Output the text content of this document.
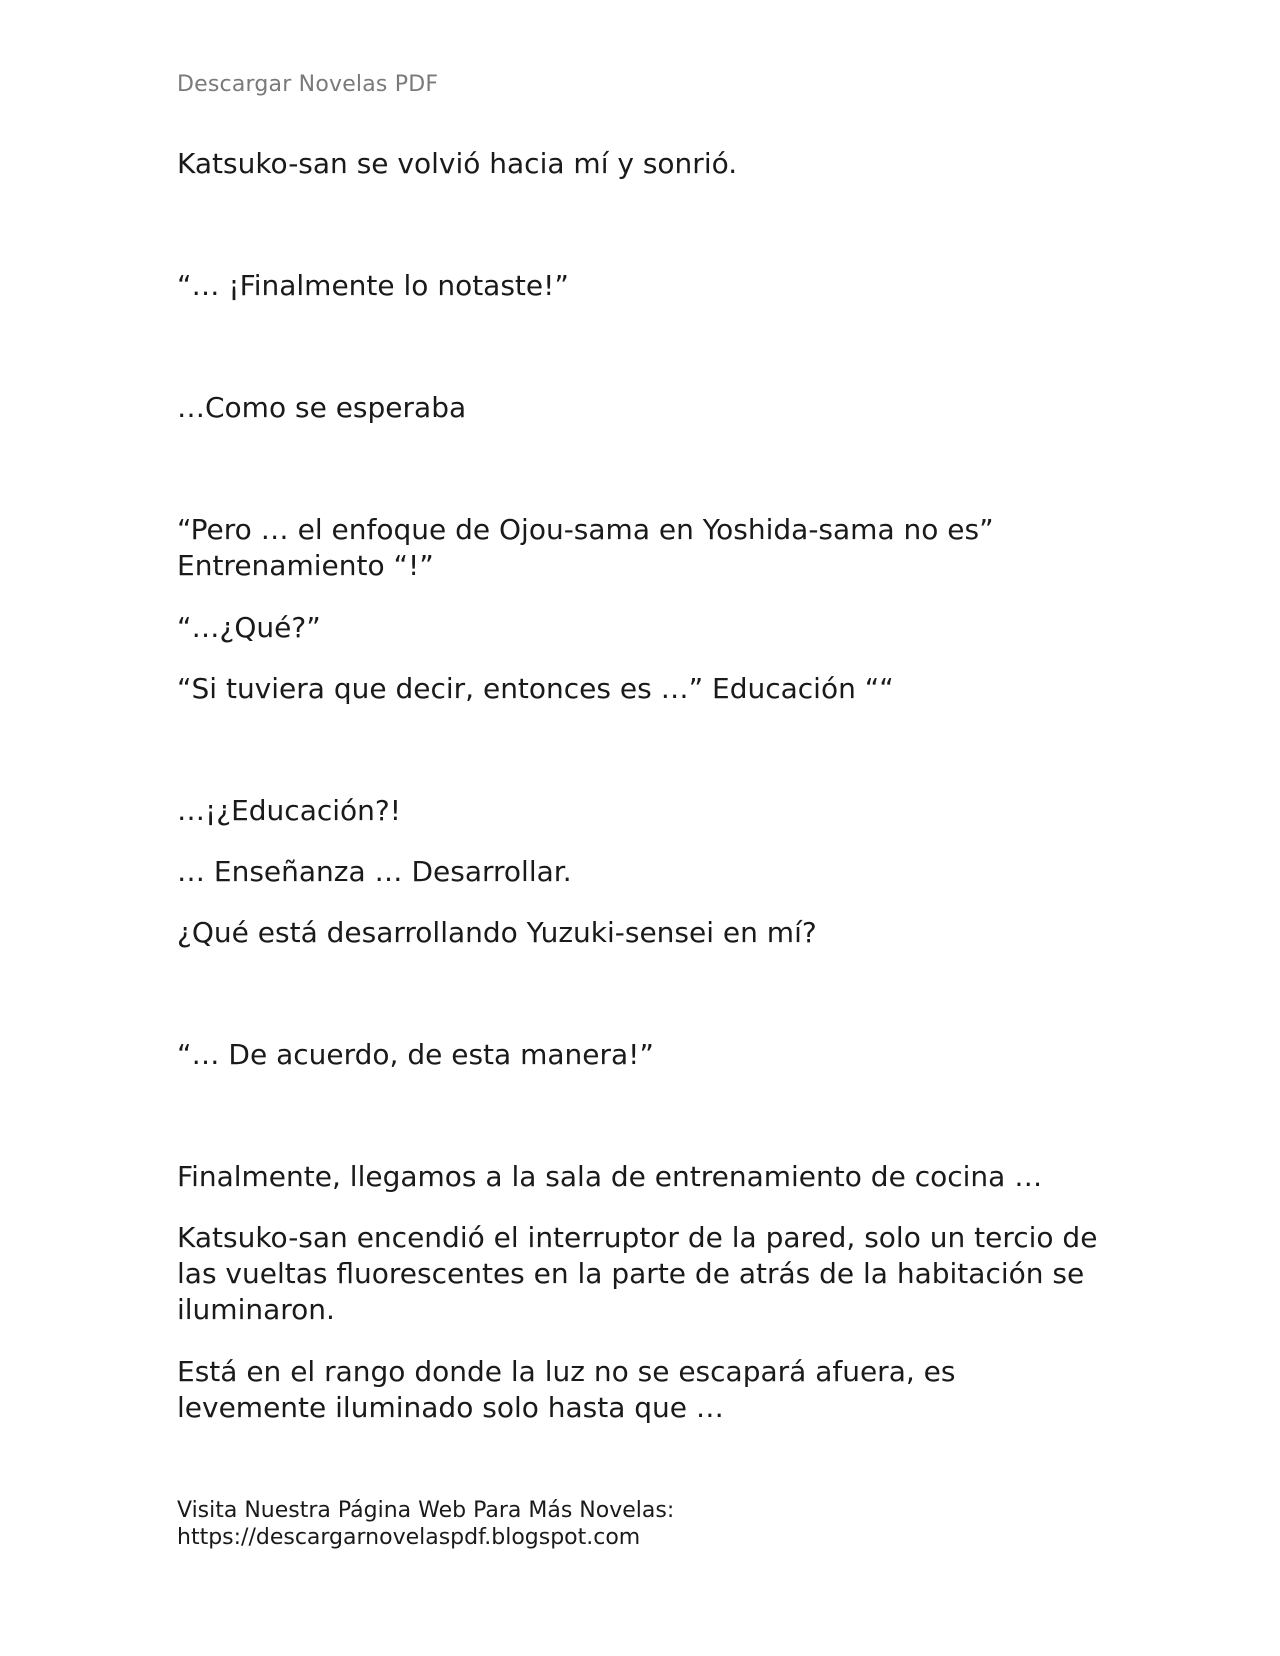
Descargar Novelas PDF

Katsuko-san se volvió hacia mí y sonrió.

“… ¡Finalmente lo notaste!”

…Como se esperaba

“Pero … el enfoque de Ojou-sama en Yoshida-sama no es” Entrenamiento “!”

“…¿Qué?”

“Si tuviera que decir, entonces es …” Educación ““

…¡¿Educación?!

… Enseñanza … Desarrollar.

¿Qué está desarrollando Yuzuki-sensei en mí?

“… De acuerdo, de esta manera!”

Finalmente, llegamos a la sala de entrenamiento de cocina …

Katsuko-san encendió el interruptor de la pared, solo un tercio de las vueltas fluorescentes en la parte de atrás de la habitación se iluminaron.

Está en el rango donde la luz no se escapará afuera, es levemente iluminado solo hasta que …

Visita Nuestra Página Web Para Más Novelas:
https://descargarnovelaspdf.blogspot.com
